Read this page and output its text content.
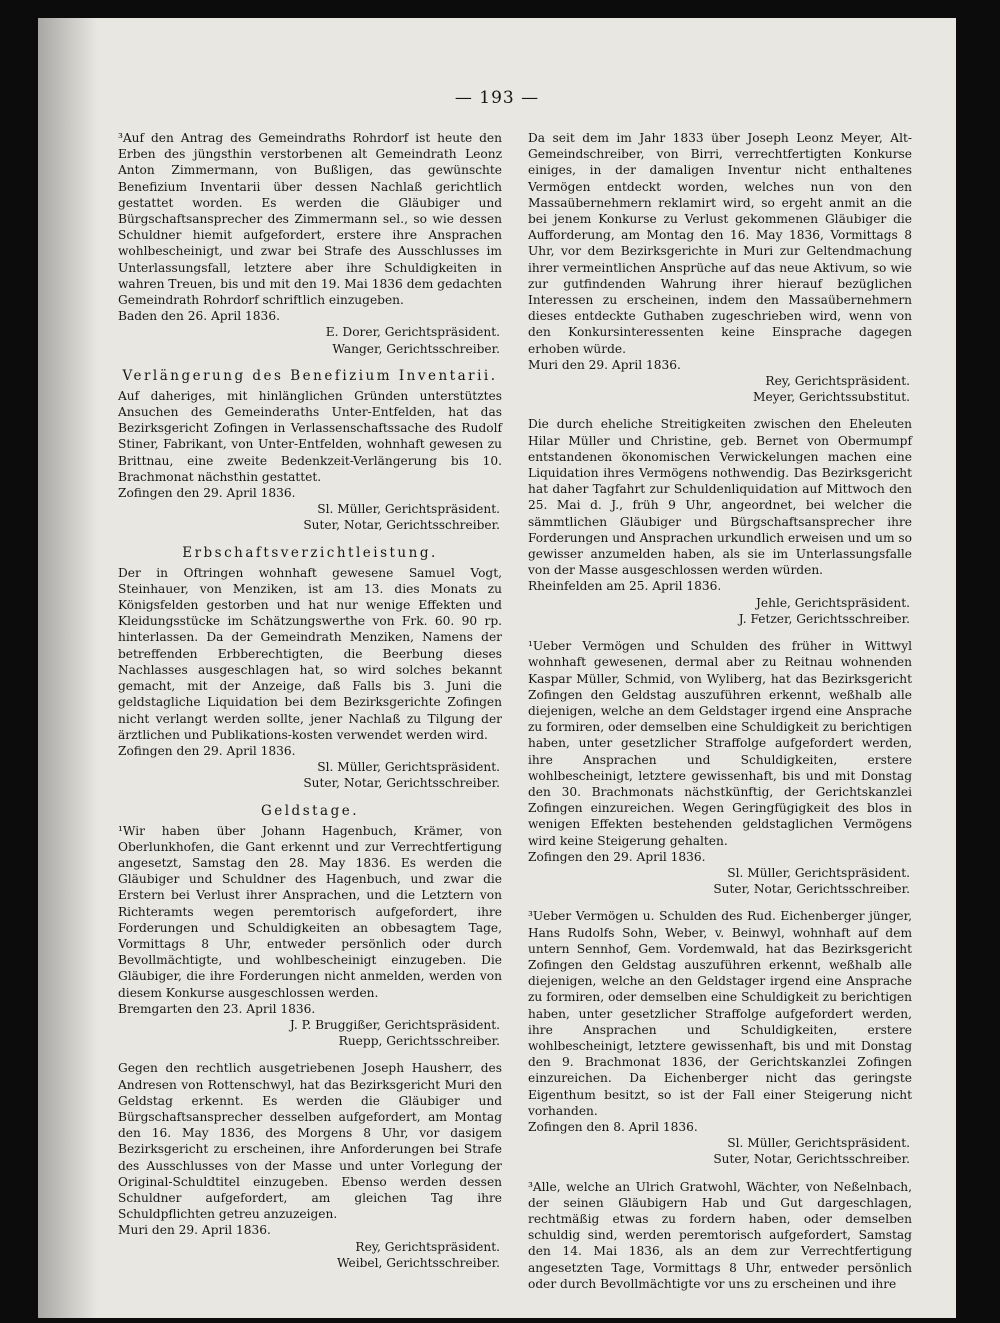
— 193 —

³Auf den Antrag des Gemeindraths Rohrdorf ist heute den Erben des jüngsthin verstorbenen alt Gemeindrath Leonz Anton Zimmermann, von Bußligen, das gewünschte Benefizium Inventarii über dessen Nachlaß gerichtlich gestattet worden. Es werden die Gläubiger und Bürgschaftsansprecher des Zimmermann sel., so wie dessen Schuldner hiemit aufgefordert, erstere ihre Ansprachen wohlbescheinigt, und zwar bei Strafe des Ausschlusses im Unterlassungsfall, letztere aber ihre Schuldigkeiten in wahren Treuen, bis und mit den 19. Mai 1836 dem gedachten Gemeindrath Rohrdorf schriftlich einzugeben.

Baden den 26. April 1836.

E. Dorer, Gerichtspräsident.

Wanger, Gerichtsschreiber.

Verlängerung des Benefizium Inventarii.

Auf daheriges, mit hinlänglichen Gründen unterstütztes Ansuchen des Gemeinderaths Unter-Entfelden, hat das Bezirksgericht Zofingen in Verlassenschaftssache des Rudolf Stiner, Fabrikant, von Unter-Entfelden, wohnhaft gewesen zu Brittnau, eine zweite Bedenkzeit-Verlängerung bis 10. Brachmonat nächsthin gestattet.

Zofingen den 29. April 1836.

Sl. Müller, Gerichtspräsident.

Suter, Notar, Gerichtsschreiber.

Erbschaftsverzichtleistung.

Der in Oftringen wohnhaft gewesene Samuel Vogt, Steinhauer, von Menziken, ist am 13. dies Monats zu Königsfelden gestorben und hat nur wenige Effekten und Kleidungsstücke im Schätzungswerthe von Frk. 60. 90 rp. hinterlassen. Da der Gemeindrath Menziken, Namens der betreffenden Erbberechtigten, die Beerbung dieses Nachlasses ausgeschlagen hat, so wird solches bekannt gemacht, mit der Anzeige, daß Falls bis 3. Juni die geldstagliche Liquidation bei dem Bezirksgerichte Zofingen nicht verlangt werden sollte, jener Nachlaß zu Tilgung der ärztlichen und Publikations-kosten verwendet werden wird.

Zofingen den 29. April 1836.

Sl. Müller, Gerichtspräsident.

Suter, Notar, Gerichtsschreiber.

Geldstage.

¹Wir haben über Johann Hagenbuch, Krämer, von Oberlunkhofen, die Gant erkennt und zur Verrechtfertigung angesetzt, Samstag den 28. May 1836. Es werden die Gläubiger und Schuldner des Hagenbuch, und zwar die Erstern bei Verlust ihrer Ansprachen, und die Letztern von Richteramts wegen peremtorisch aufgefordert, ihre Forderungen und Schuldigkeiten an obbesagtem Tage, Vormittags 8 Uhr, entweder persönlich oder durch Bevollmächtigte, und wohlbescheinigt einzugeben. Die Gläubiger, die ihre Forderungen nicht anmelden, werden von diesem Konkurse ausgeschlossen werden.

Bremgarten den 23. April 1836.

J. P. Bruggißer, Gerichtspräsident.

Ruepp, Gerichtsschreiber.

Gegen den rechtlich ausgetriebenen Joseph Hausherr, des Andresen von Rottenschwyl, hat das Bezirksgericht Muri den Geldstag erkennt. Es werden die Gläubiger und Bürgschaftsansprecher desselben aufgefordert, am Montag den 16. May 1836, des Morgens 8 Uhr, vor dasigem Bezirksgericht zu erscheinen, ihre Anforderungen bei Strafe des Ausschlusses von der Masse und unter Vorlegung der Original-Schuldtitel einzugeben. Ebenso werden dessen Schuldner aufgefordert, am gleichen Tag ihre Schuldpflichten getreu anzuzeigen.

Muri den 29. April 1836.

Rey, Gerichtspräsident.

Weibel, Gerichtsschreiber.

Da seit dem im Jahr 1833 über Joseph Leonz Meyer, Alt-Gemeindschreiber, von Birri, verrechtfertigten Konkurse einiges, in der damaligen Inventur nicht enthaltenes Vermögen entdeckt worden, welches nun von den Massaübernehmern reklamirt wird, so ergeht anmit an die bei jenem Konkurse zu Verlust gekommenen Gläubiger die Aufforderung, am Montag den 16. May 1836, Vormittags 8 Uhr, vor dem Bezirksgerichte in Muri zur Geltendmachung ihrer vermeintlichen Ansprüche auf das neue Aktivum, so wie zur gutfindenden Wahrung ihrer hierauf bezüglichen Interessen zu erscheinen, indem den Massaübernehmern dieses entdeckte Guthaben zugeschrieben wird, wenn von den Konkursinteressenten keine Einsprache dagegen erhoben würde.

Muri den 29. April 1836.

Rey, Gerichtspräsident.

Meyer, Gerichtssubstitut.

Die durch eheliche Streitigkeiten zwischen den Eheleuten Hilar Müller und Christine, geb. Bernet von Obermumpf entstandenen ökonomischen Verwickelungen machen eine Liquidation ihres Vermögens nothwendig. Das Bezirksgericht hat daher Tagfahrt zur Schuldenliquidation auf Mittwoch den 25. Mai d. J., früh 9 Uhr, angeordnet, bei welcher die sämmtlichen Gläubiger und Bürgschaftsansprecher ihre Forderungen und Ansprachen urkundlich erweisen und um so gewisser anzumelden haben, als sie im Unterlassungsfalle von der Masse ausgeschlossen werden würden.

Rheinfelden am 25. April 1836.

Jehle, Gerichtspräsident.

J. Fetzer, Gerichtsschreiber.

¹Ueber Vermögen und Schulden des früher in Wittwyl wohnhaft gewesenen, dermal aber zu Reitnau wohnenden Kaspar Müller, Schmid, von Wyliberg, hat das Bezirksgericht Zofingen den Geldstag auszuführen erkennt, weßhalb alle diejenigen, welche an dem Geldstager irgend eine Ansprache zu formiren, oder demselben eine Schuldigkeit zu berichtigen haben, unter gesetzlicher Straffolge aufgefordert werden, ihre Ansprachen und Schuldigkeiten, erstere wohlbescheinigt, letztere gewissenhaft, bis und mit Donstag den 30. Brachmonats nächstkünftig, der Gerichtskanzlei Zofingen einzureichen. Wegen Geringfügigkeit des blos in wenigen Effekten bestehenden geldstaglichen Vermögens wird keine Steigerung gehalten.

Zofingen den 29. April 1836.

Sl. Müller, Gerichtspräsident.

Suter, Notar, Gerichtsschreiber.

³Ueber Vermögen u. Schulden des Rud. Eichenberger jünger, Hans Rudolfs Sohn, Weber, v. Beinwyl, wohnhaft auf dem untern Sennhof, Gem. Vordemwald, hat das Bezirksgericht Zofingen den Geldstag auszuführen erkennt, weßhalb alle diejenigen, welche an den Geldstager irgend eine Ansprache zu formiren, oder demselben eine Schuldigkeit zu berichtigen haben, unter gesetzlicher Straffolge aufgefordert werden, ihre Ansprachen und Schuldigkeiten, erstere wohlbescheinigt, letztere gewissenhaft, bis und mit Donstag den 9. Brachmonat 1836, der Gerichtskanzlei Zofingen einzureichen. Da Eichenberger nicht das geringste Eigenthum besitzt, so ist der Fall einer Steigerung nicht vorhanden.

Zofingen den 8. April 1836.

Sl. Müller, Gerichtspräsident.

Suter, Notar, Gerichtsschreiber.

³Alle, welche an Ulrich Gratwohl, Wächter, von Neßelnbach, der seinen Gläubigern Hab und Gut dargeschlagen, rechtmäßig etwas zu fordern haben, oder demselben schuldig sind, werden peremtorisch aufgefordert, Samstag den 14. Mai 1836, als an dem zur Verrechtfertigung angesetzten Tage, Vormittags 8 Uhr, entweder persönlich oder durch Bevollmächtigte vor uns zu erscheinen und ihre
